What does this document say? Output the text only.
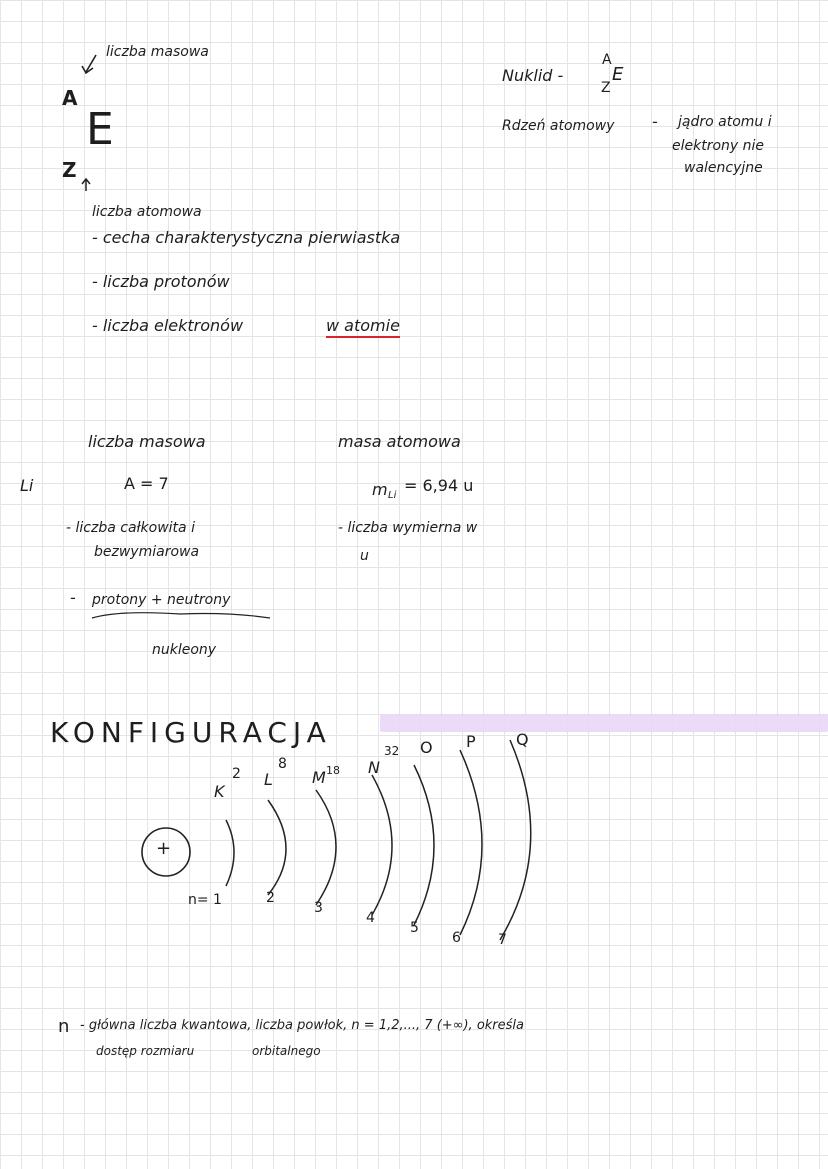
liczba masowa
A
E
Z
liczba atomowa
- cecha charakterystyczna pierwiastka
- liczba protonów
- liczba elektronów	w atomie
Nuklid -
A
Z
E
Rdzeń atomowy - jądro atomu i
elektrony nie
walencyjne
Li
liczba masowa
A = 7
- liczba całkowita i
bezwymiarowa
- protony + neutrony
nukleony
masa atomowa
m Li
= 6,94 u
- liczba wymierna w
u
KONFIGURACJA
+
K
2 L
8
M 18 N
32 O P	Q
n= 1	2
3
4
5
6	7
n - główna liczba kwantowa, liczba powłok, n = 1,2,..., 7 (+∞), określa
dostęp rozmiaru	orbitalnego
